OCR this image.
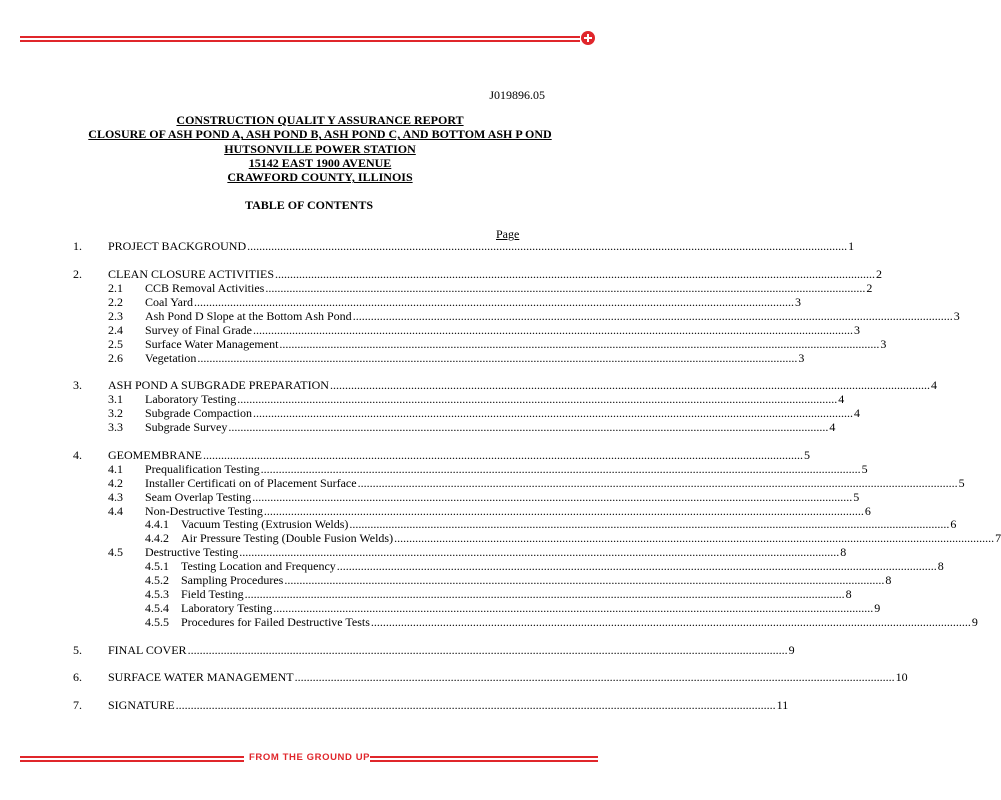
J019896.05
CONSTRUCTION QUALIT Y ASSURANCE REPORT
CLOSURE OF ASH POND A, ASH POND B, ASH POND C, AND BOTTOM ASH P OND
HUTSONVILLE POWER STATION
15142 EAST 1900 AVENUE
CRAWFORD COUNTY, ILLINOIS
TABLE OF CONTENTS
Page
1. PROJECT BACKGROUND ........................................................................................................................................................................................................ 1
2. CLEAN CLOSURE ACTIVITIES ........................................................................................................................................................................................................ 2
2.1 CCB Removal Activities ........................................................................................................................................................................................................ 2
2.2 Coal Yard ........................................................................................................................................................................................................ 3
2.3 Ash Pond D Slope at the Bottom Ash Pond ........................................................................................................................................................................................................ 3
2.4 Survey of Final Grade ........................................................................................................................................................................................................ 3
2.5 Surface Water Management ........................................................................................................................................................................................................ 3
2.6 Vegetation ........................................................................................................................................................................................................ 3
3. ASH POND A SUBGRADE PREPARATION ........................................................................................................................................................................................................ 4
3.1 Laboratory Testing ........................................................................................................................................................................................................ 4
3.2 Subgrade Compaction ........................................................................................................................................................................................................ 4
3.3 Subgrade Survey ........................................................................................................................................................................................................ 4
4. GEOMEMBRANE ........................................................................................................................................................................................................ 5
4.1 Prequalification Testing ........................................................................................................................................................................................................ 5
4.2 Installer Certificati on of Placement Surface ........................................................................................................................................................................................................ 5
4.3 Seam Overlap Testing ........................................................................................................................................................................................................ 5
4.4 Non-Destructive Testing ........................................................................................................................................................................................................ 6
4.4.1 Vacuum Testing (Extrusion Welds) ........................................................................................................................................................................................................ 6
4.4.2 Air Pressure Testing (Double Fusion Welds) ........................................................................................................................................................................................................ 7
4.5 Destructive Testing ........................................................................................................................................................................................................ 8
4.5.1 Testing Location and Frequency ........................................................................................................................................................................................................ 8
4.5.2 Sampling Procedures ........................................................................................................................................................................................................ 8
4.5.3 Field Testing ........................................................................................................................................................................................................ 8
4.5.4 Laboratory Testing ........................................................................................................................................................................................................ 9
4.5.5 Procedures for Failed Destructive Tests ........................................................................................................................................................................................................ 9
5. FINAL COVER ........................................................................................................................................................................................................ 9
6. SURFACE WATER MANAGEMENT ........................................................................................................................................................................................................ 10
7. SIGNATURE ........................................................................................................................................................................................................ 11
FROM THE GROUND UP
